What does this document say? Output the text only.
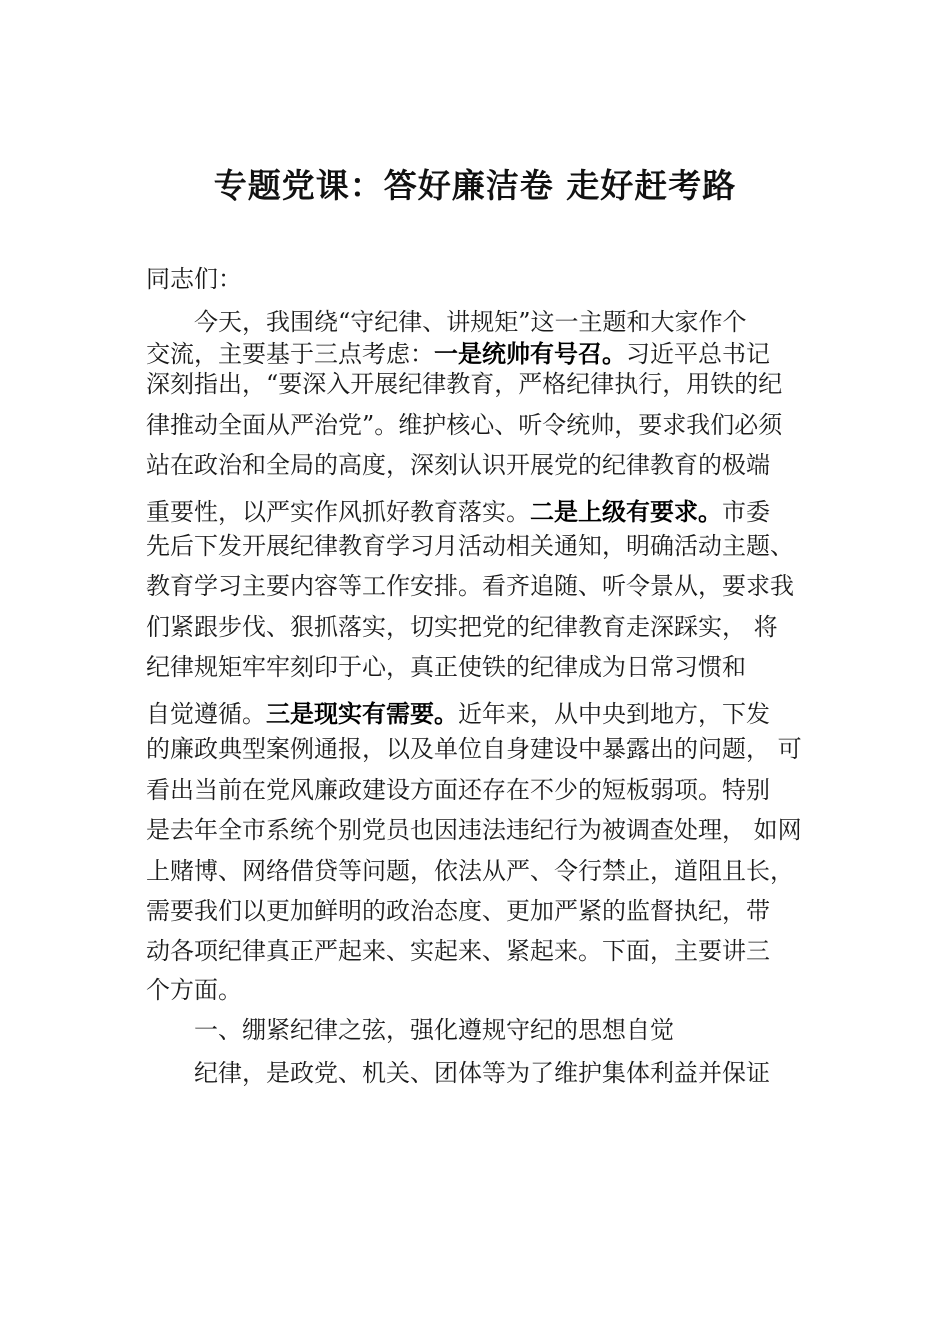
专题党课：答好廉洁卷 走好赶考路
同志们：
今天，我围绕“守纪律、讲规矩”这一主题和大家作个
交流，主要基于三点考虑：一是统帅有号召。习近平总书记
深刻指出，“要深入开展纪律教育，严格纪律执行，用铁的纪
律推动全面从严治党”。维护核心、听令统帅，要求我们必须
站在政治和全局的高度，深刻认识开展党的纪律教育的极端
重要性，以严实作风抓好教育落实。二是上级有要求。市委
先后下发开展纪律教育学习月活动相关通知，明确活动主题、
教育学习主要内容等工作安排。看齐追随、听令景从，要求我
们紧跟步伐、狠抓落实，切实把党的纪律教育走深踩实， 将
纪律规矩牢牢刻印于心，真正使铁的纪律成为日常习惯和
自觉遵循。三是现实有需要。近年来，从中央到地方，下发
的廉政典型案例通报，以及单位自身建设中暴露出的问题， 可
看出当前在党风廉政建设方面还存在不少的短板弱项。特别
是去年全市系统个别党员也因违法违纪行为被调查处理， 如网
上赌博、网络借贷等问题，依法从严、令行禁止，道阻且长，
需要我们以更加鲜明的政治态度、更加严紧的监督执纪，带
动各项纪律真正严起来、实起来、紧起来。下面，主要讲三
个方面。
一、绷紧纪律之弦，强化遵规守纪的思想自觉
纪律，是政党、机关、团体等为了维护集体利益并保证
